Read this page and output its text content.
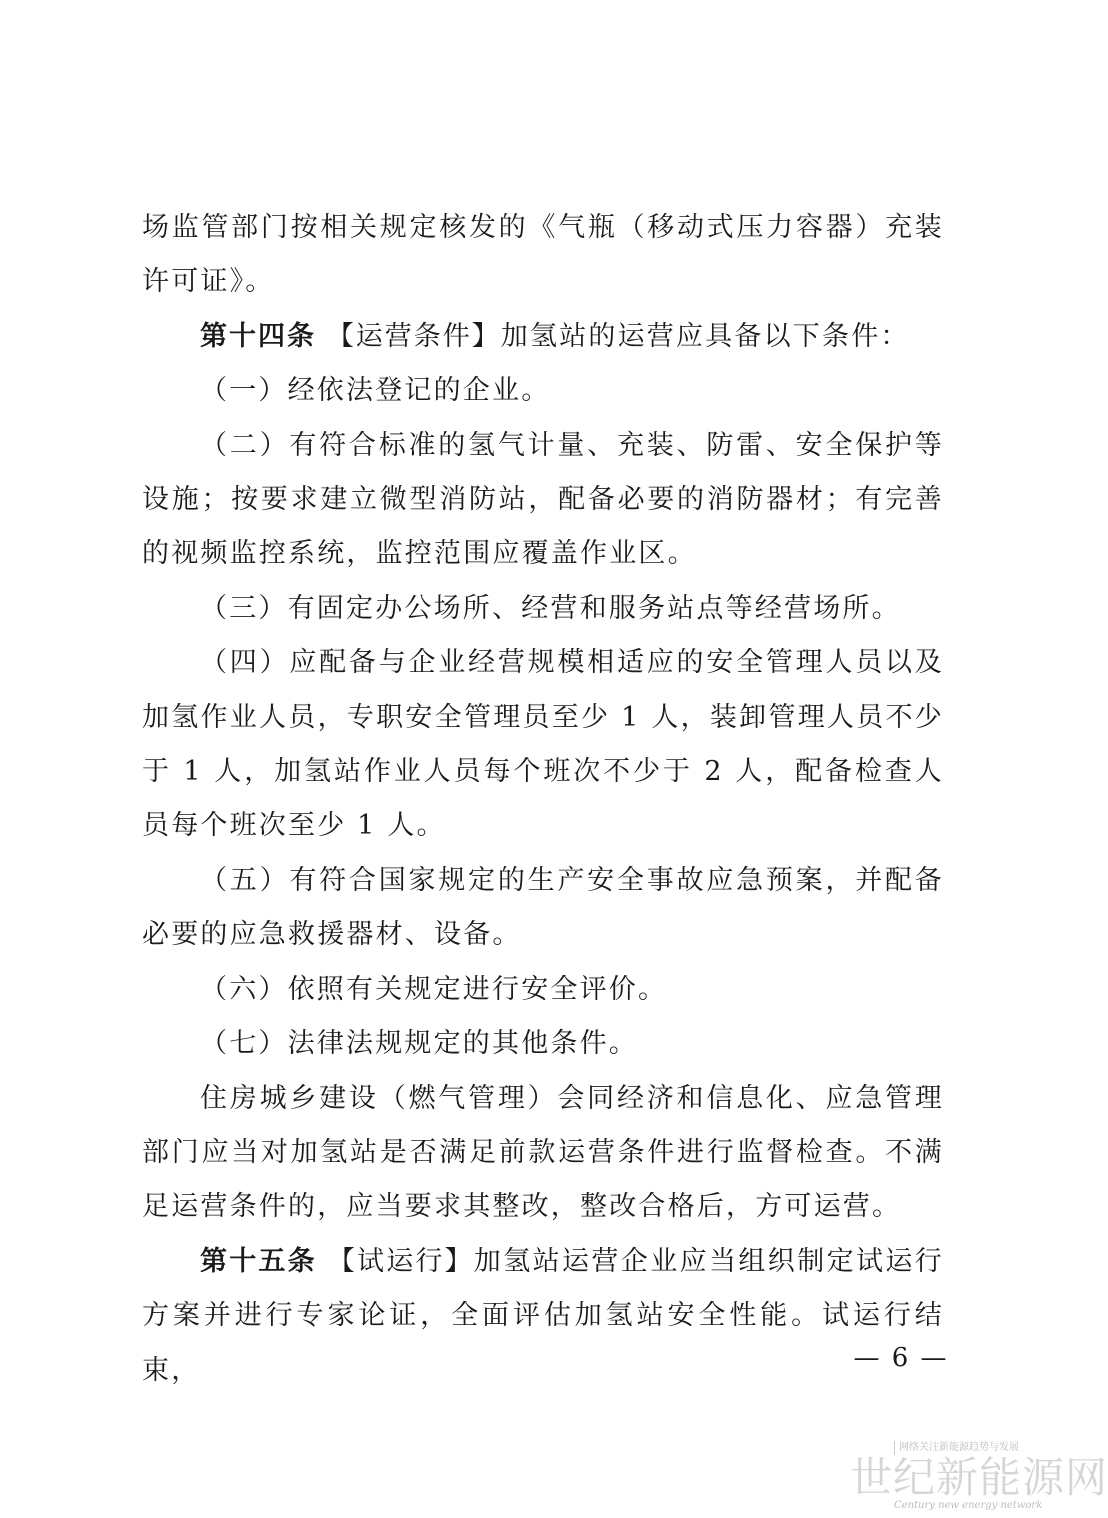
场监管部门按相关规定核发的《气瓶（移动式压力容器）充装许可证》。

第十四条 【运营条件】加氢站的运营应具备以下条件：

（一）经依法登记的企业。

（二）有符合标准的氢气计量、充装、防雷、安全保护等设施；按要求建立微型消防站，配备必要的消防器材；有完善的视频监控系统，监控范围应覆盖作业区。

（三）有固定办公场所、经营和服务站点等经营场所。

（四）应配备与企业经营规模相适应的安全管理人员以及加氢作业人员，专职安全管理员至少 1 人，装卸管理人员不少于 1 人，加氢站作业人员每个班次不少于 2 人，配备检查人员每个班次至少 1 人。

（五）有符合国家规定的生产安全事故应急预案，并配备必要的应急救援器材、设备。

（六）依照有关规定进行安全评价。

（七）法律法规规定的其他条件。

住房城乡建设（燃气管理）会同经济和信息化、应急管理部门应当对加氢站是否满足前款运营条件进行监督检查。不满足运营条件的，应当要求其整改，整改合格后，方可运营。

第十五条 【试运行】加氢站运营企业应当组织制定试运行方案并进行专家论证，全面评估加氢站安全性能。试运行结束，	— 6 —
网络关注新能源趋势与发展
世纪新能源网
Century new energy network
